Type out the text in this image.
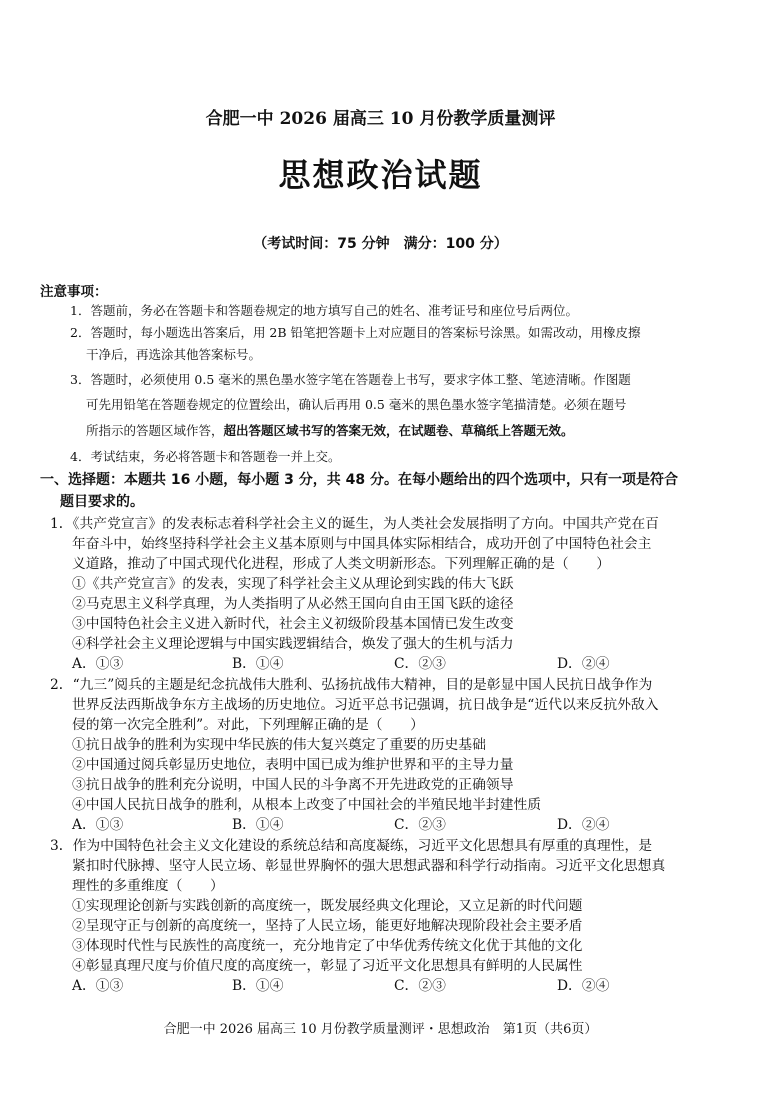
合肥一中 2026 届高三 10 月份教学质量测评
思想政治试题
（考试时间：75 分钟　满分：100 分）
注意事项：
1．答题前，务必在答题卡和答题卷规定的地方填写自己的姓名、准考证号和座位号后两位。
2．答题时，每小题选出答案后，用 2B 铅笔把答题卡上对应题目的答案标号涂黑。如需改动，用橡皮擦
干净后，再选涂其他答案标号。
3．答题时，必须使用 0.5 毫米的黑色墨水签字笔在答题卷上书写，要求字体工整、笔迹清晰。作图题
可先用铅笔在答题卷规定的位置绘出，确认后再用 0.5 毫米的黑色墨水签字笔描清楚。必须在题号
所指示的答题区域作答，超出答题区域书写的答案无效，在试题卷、草稿纸上答题无效。
4．考试结束，务必将答题卡和答题卷一并上交。
一、选择题：本题共 16 小题，每小题 3 分，共 48 分。在每小题给出的四个选项中，只有一项是符合
题目要求的。
1．《共产党宣言》的发表标志着科学社会主义的诞生，为人类社会发展指明了方向。中国共产党在百
年奋斗中，始终坚持科学社会主义基本原则与中国具体实际相结合，成功开创了中国特色社会主
义道路，推动了中国式现代化进程，形成了人类文明新形态。下列理解正确的是（　　）
①《共产党宣言》的发表，实现了科学社会主义从理论到实践的伟大飞跃
②马克思主义科学真理，为人类指明了从必然王国向自由王国飞跃的途径
③中国特色社会主义进入新时代，社会主义初级阶段基本国情已发生改变
④科学社会主义理论逻辑与中国实践逻辑结合，焕发了强大的生机与活力
A．①③	B．①④	C．②③	D．②④
2．“九三”阅兵的主题是纪念抗战伟大胜利、弘扬抗战伟大精神，目的是彰显中国人民抗日战争作为
世界反法西斯战争东方主战场的历史地位。习近平总书记强调，抗日战争是“近代以来反抗外敌入
侵的第一次完全胜利”。对此，下列理解正确的是（　　）
①抗日战争的胜利为实现中华民族的伟大复兴奠定了重要的历史基础
②中国通过阅兵彰显历史地位，表明中国已成为维护世界和平的主导力量
③抗日战争的胜利充分说明，中国人民的斗争离不开先进政党的正确领导
④中国人民抗日战争的胜利，从根本上改变了中国社会的半殖民地半封建性质
A．①③	B．①④	C．②③	D．②④
3．作为中国特色社会主义文化建设的系统总结和高度凝练，习近平文化思想具有厚重的真理性，是
紧扣时代脉搏、坚守人民立场、彰显世界胸怀的强大思想武器和科学行动指南。习近平文化思想真
理性的多重维度（　　）
①实现理论创新与实践创新的高度统一，既发展经典文化理论，又立足新的时代问题
②呈现守正与创新的高度统一，坚持了人民立场，能更好地解决现阶段社会主要矛盾
③体现时代性与民族性的高度统一，充分地肯定了中华优秀传统文化优于其他的文化
④彰显真理尺度与价值尺度的高度统一，彰显了习近平文化思想具有鲜明的人民属性
A．①③	B．①④	C．②③	D．②④
合肥一中 2026 届高三 10 月份教学质量测评・思想政治　第1页（共6页）
